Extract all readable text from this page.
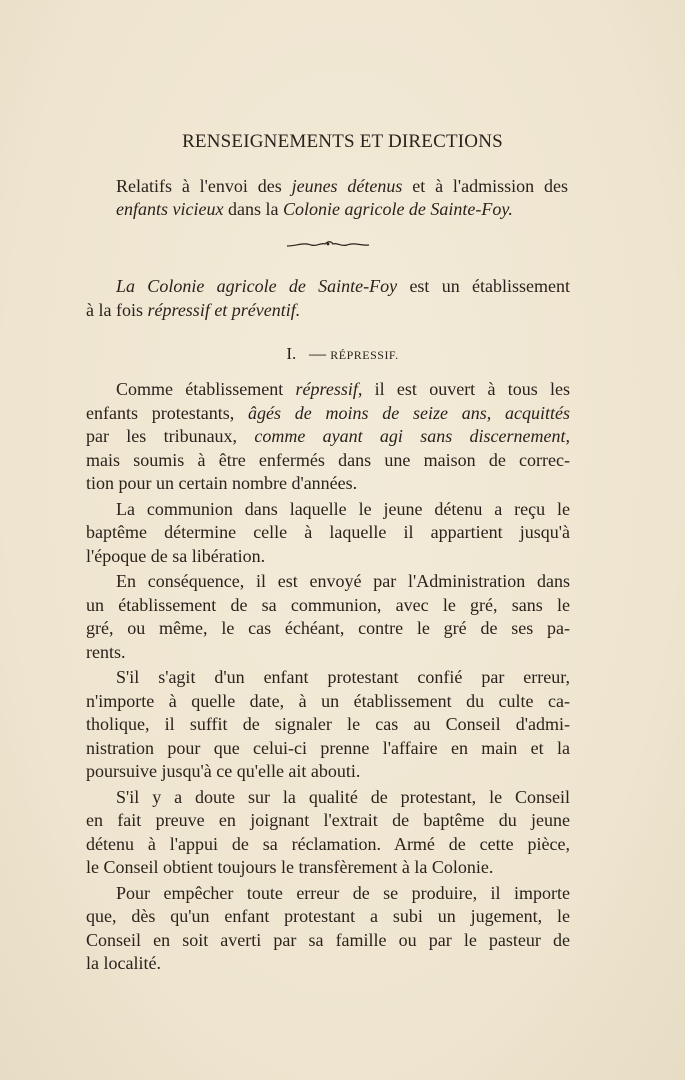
RENSEIGNEMENTS ET DIRECTIONS
Relatifs à l'envoi des jeunes détenus et à l'admission des
enfants vicieux dans la Colonie agricole de Sainte-Foy.

La Colonie agricole de Sainte-Foy est un établissement
à la fois répressif et préventif.

I. — RÉPRESSIF.
Comme établissement répressif, il est ouvert à tous les
enfants protestants, âgés de moins de seize ans, acquittés
par les tribunaux, comme ayant agi sans discernement,
mais soumis à être enfermés dans une maison de correc-
tion pour un certain nombre d'années.
La communion dans laquelle le jeune détenu a reçu le
baptême détermine celle à laquelle il appartient jusqu'à
l'époque de sa libération.
En conséquence, il est envoyé par l'Administration dans
un établissement de sa communion, avec le gré, sans le
gré, ou même, le cas échéant, contre le gré de ses pa-
rents.
S'il s'agit d'un enfant protestant confié par erreur,
n'importe à quelle date, à un établissement du culte ca-
tholique, il suffit de signaler le cas au Conseil d'admi-
nistration pour que celui-ci prenne l'affaire en main et la
poursuive jusqu'à ce qu'elle ait abouti.
S'il y a doute sur la qualité de protestant, le Conseil
en fait preuve en joignant l'extrait de baptême du jeune
détenu à l'appui de sa réclamation. Armé de cette pièce,
le Conseil obtient toujours le transfèrement à la Colonie.
Pour empêcher toute erreur de se produire, il importe
que, dès qu'un enfant protestant a subi un jugement, le
Conseil en soit averti par sa famille ou par le pasteur de
la localité.
